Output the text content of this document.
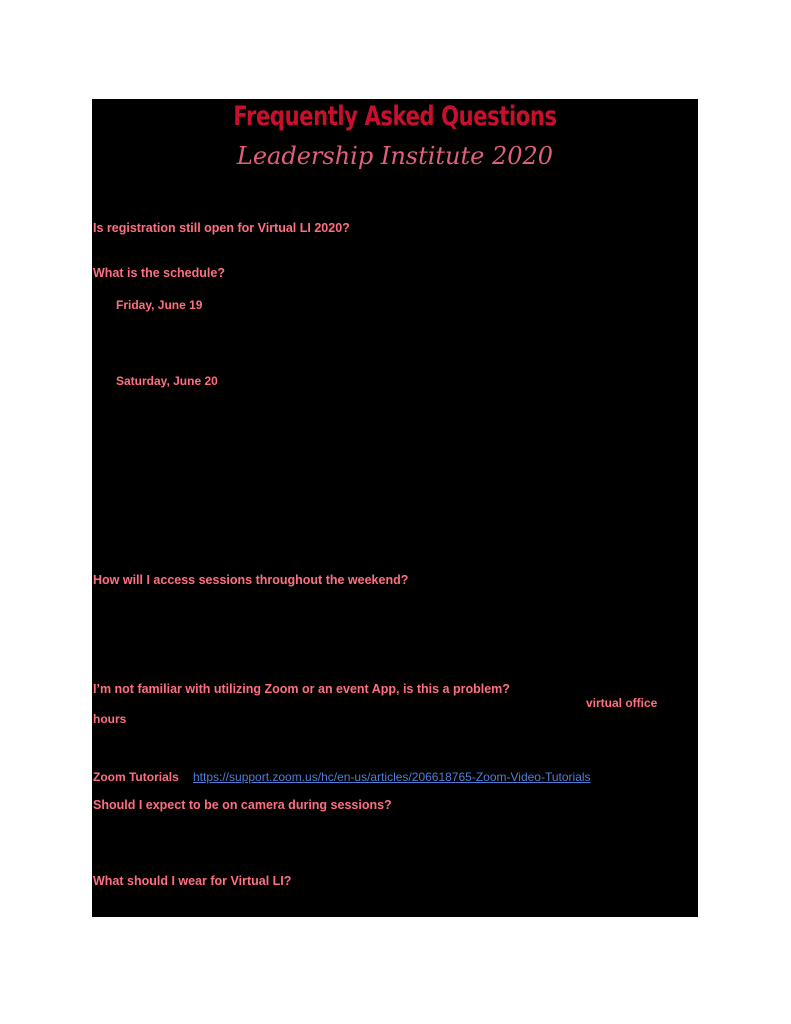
Frequently Asked Questions
Leadership Institute 2020
Is registration still open for Virtual LI 2020?
What is the schedule?
Friday, June 19
Saturday, June 20
How will I access sessions throughout the weekend?
I’m not familiar with utilizing Zoom or an event App, is this a problem?
virtual office
hours
Zoom Tutorials https://support.zoom.us/hc/en-us/articles/206618765-Zoom-Video-Tutorials
Should I expect to be on camera during sessions?
What should I wear for Virtual LI?
